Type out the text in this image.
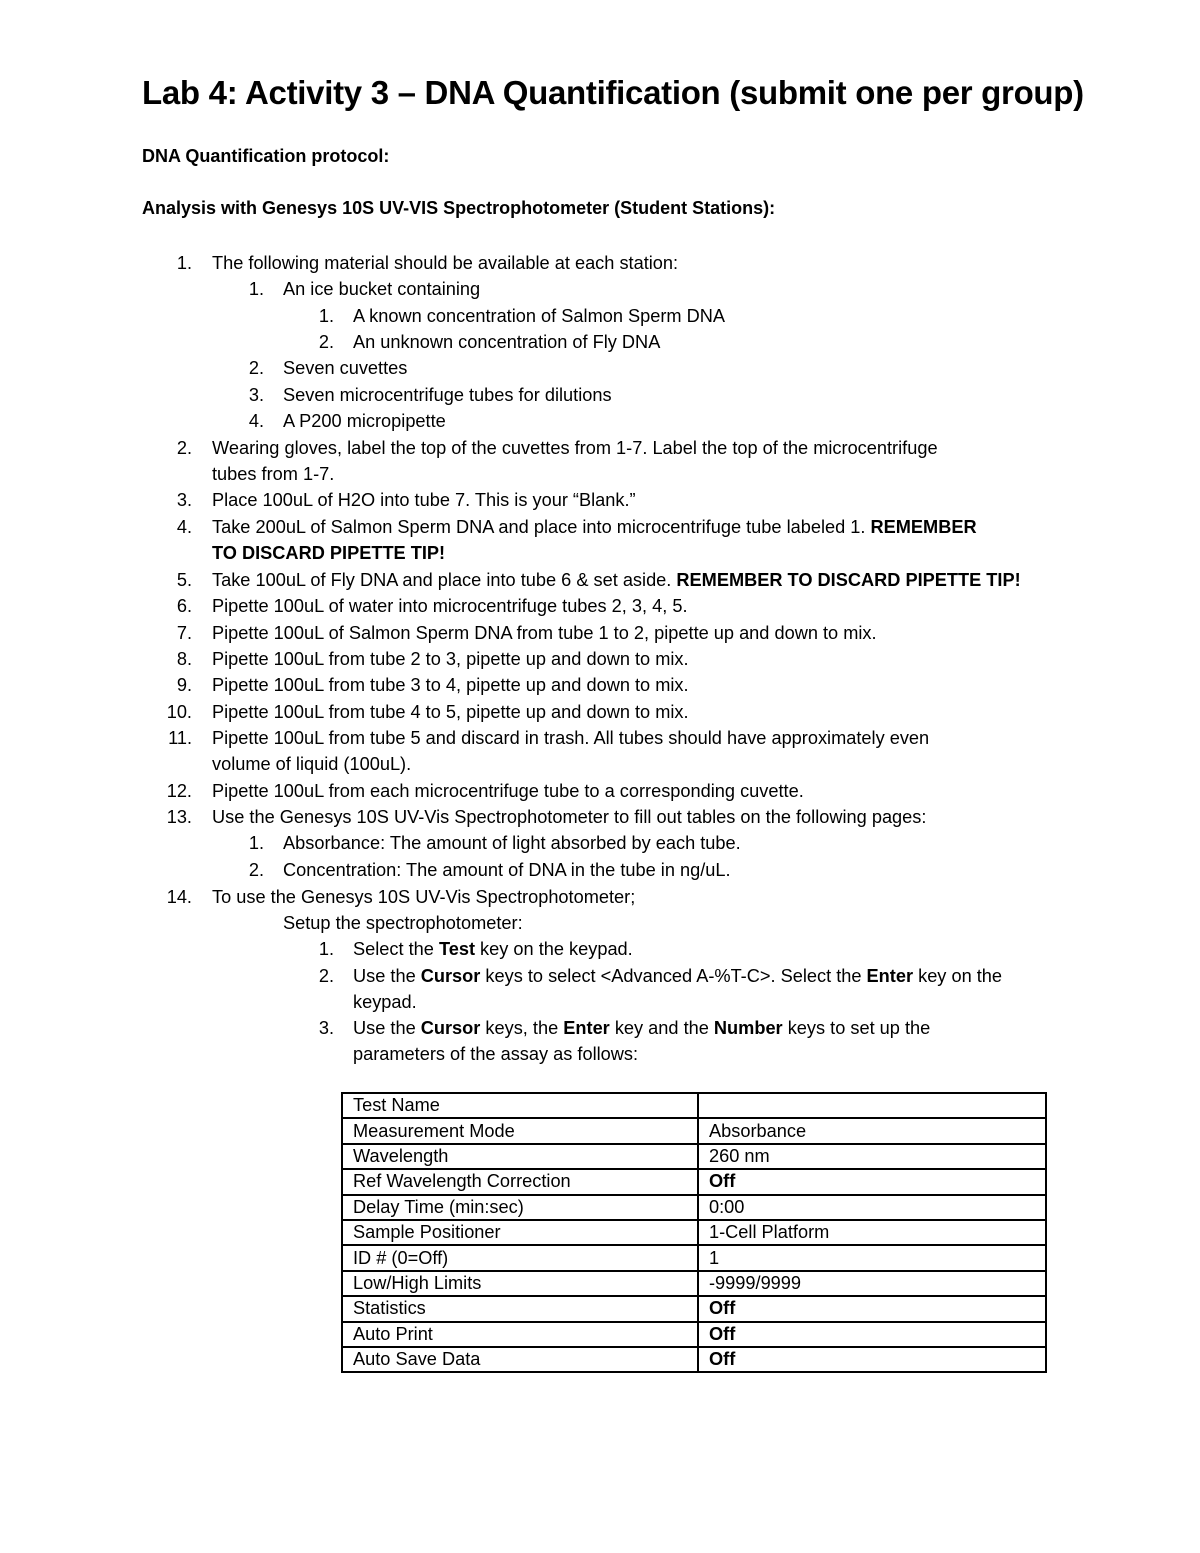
Lab 4: Activity 3 – DNA Quantification (submit one per group)
DNA Quantification protocol:
Analysis with Genesys 10S UV-VIS Spectrophotometer (Student Stations):
1. The following material should be available at each station:
1. An ice bucket containing
1. A known concentration of Salmon Sperm DNA
2. An unknown concentration of Fly DNA
2. Seven cuvettes
3. Seven microcentrifuge tubes for dilutions
4. A P200 micropipette
2. Wearing gloves, label the top of the cuvettes from 1-7. Label the top of the microcentrifuge
tubes from 1-7.
3. Place 100uL of H2O into tube 7. This is your “Blank.”
4. Take 200uL of Salmon Sperm DNA and place into microcentrifuge tube labeled 1. REMEMBER
TO DISCARD PIPETTE TIP!
5. Take 100uL of Fly DNA and place into tube 6 & set aside. REMEMBER TO DISCARD PIPETTE TIP!
6. Pipette 100uL of water into microcentrifuge tubes 2, 3, 4, 5.
7. Pipette 100uL of Salmon Sperm DNA from tube 1 to 2, pipette up and down to mix.
8. Pipette 100uL from tube 2 to 3, pipette up and down to mix.
9. Pipette 100uL from tube 3 to 4, pipette up and down to mix.
10. Pipette 100uL from tube 4 to 5, pipette up and down to mix.
11. Pipette 100uL from tube 5 and discard in trash. All tubes should have approximately even
volume of liquid (100uL).
12. Pipette 100uL from each microcentrifuge tube to a corresponding cuvette.
13. Use the Genesys 10S UV-Vis Spectrophotometer to fill out tables on the following pages:
1. Absorbance: The amount of light absorbed by each tube.
2. Concentration: The amount of DNA in the tube in ng/uL.
14. To use the Genesys 10S UV-Vis Spectrophotometer;
Setup the spectrophotometer:
1. Select the Test key on the keypad.
2. Use the Cursor keys to select <Advanced A-%T-C>. Select the Enter key on the
keypad.
3. Use the Cursor keys, the Enter key and the Number keys to set up the
parameters of the assay as follows:
Test Name	
Measurement Mode	Absorbance
Wavelength	260 nm
Ref Wavelength Correction	Off
Delay Time (min:sec)	0:00
Sample Positioner	1-Cell Platform
ID # (0=Off)	1
Low/High Limits	-9999/9999
Statistics	Off
Auto Print	Off
Auto Save Data	Off
